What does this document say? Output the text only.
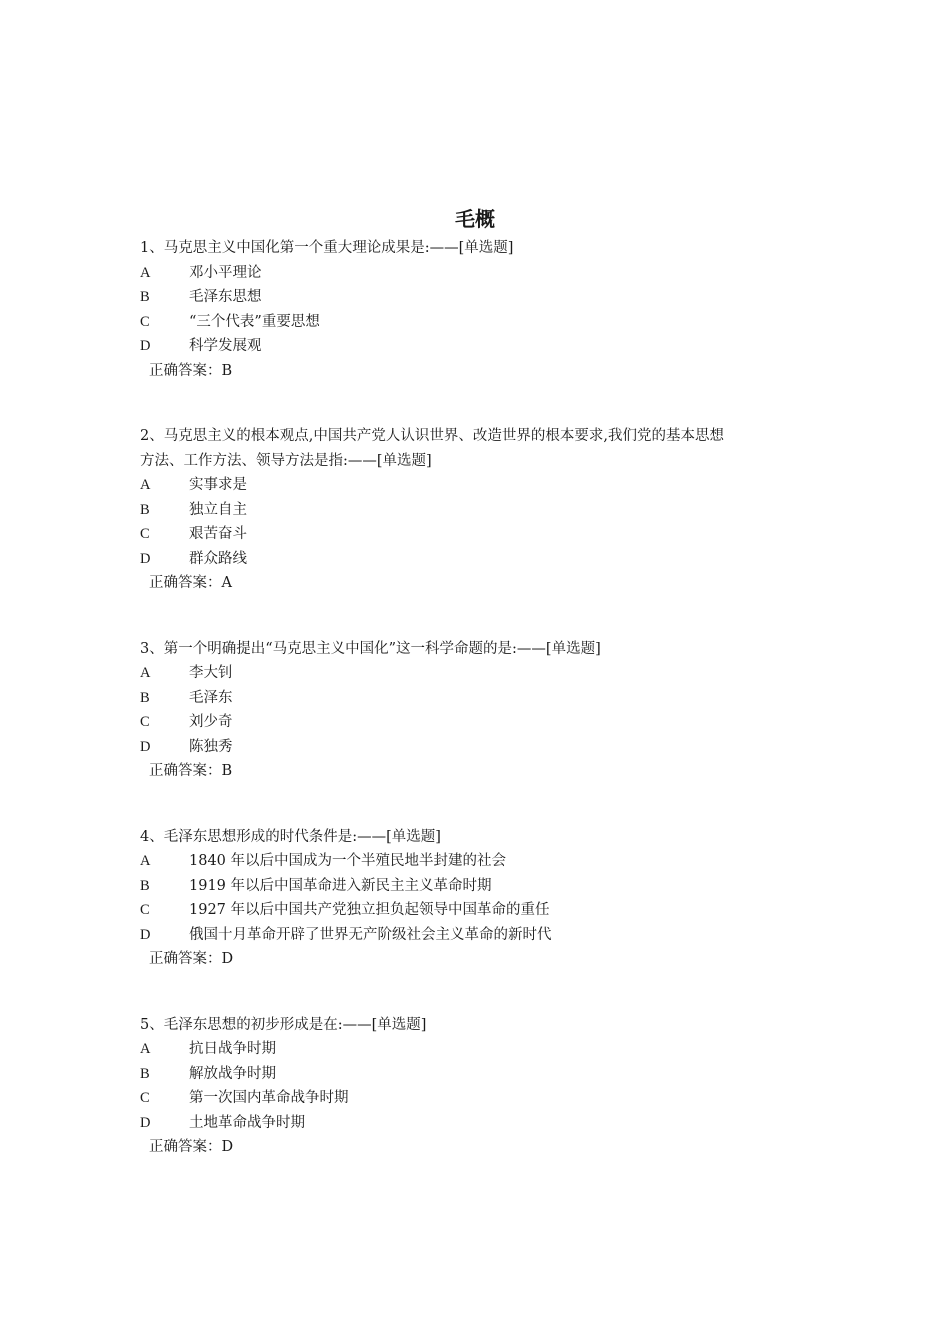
毛概
1、马克思主义中国化第一个重大理论成果是:——[单选题]
A	邓小平理论
B	毛泽东思想
C	“三个代表”重要思想
D	科学发展观
正确答案：B
2、马克思主义的根本观点,中国共产党人认识世界、改造世界的根本要求,我们党的基本思想
方法、工作方法、领导方法是指:——[单选题]
A	实事求是
B	独立自主
C	艰苦奋斗
D	群众路线
正确答案：A
3、第一个明确提出“马克思主义中国化”这一科学命题的是:——[单选题]
A	李大钊
B	毛泽东
C	刘少奇
D	陈独秀
正确答案：B
4、毛泽东思想形成的时代条件是:——[单选题]
A	1840 年以后中国成为一个半殖民地半封建的社会
B	1919 年以后中国革命进入新民主主义革命时期
C	1927 年以后中国共产党独立担负起领导中国革命的重任
D	俄国十月革命开辟了世界无产阶级社会主义革命的新时代
正确答案：D
5、毛泽东思想的初步形成是在:——[单选题]
A	抗日战争时期
B	解放战争时期
C	第一次国内革命战争时期
D	土地革命战争时期
正确答案：D
